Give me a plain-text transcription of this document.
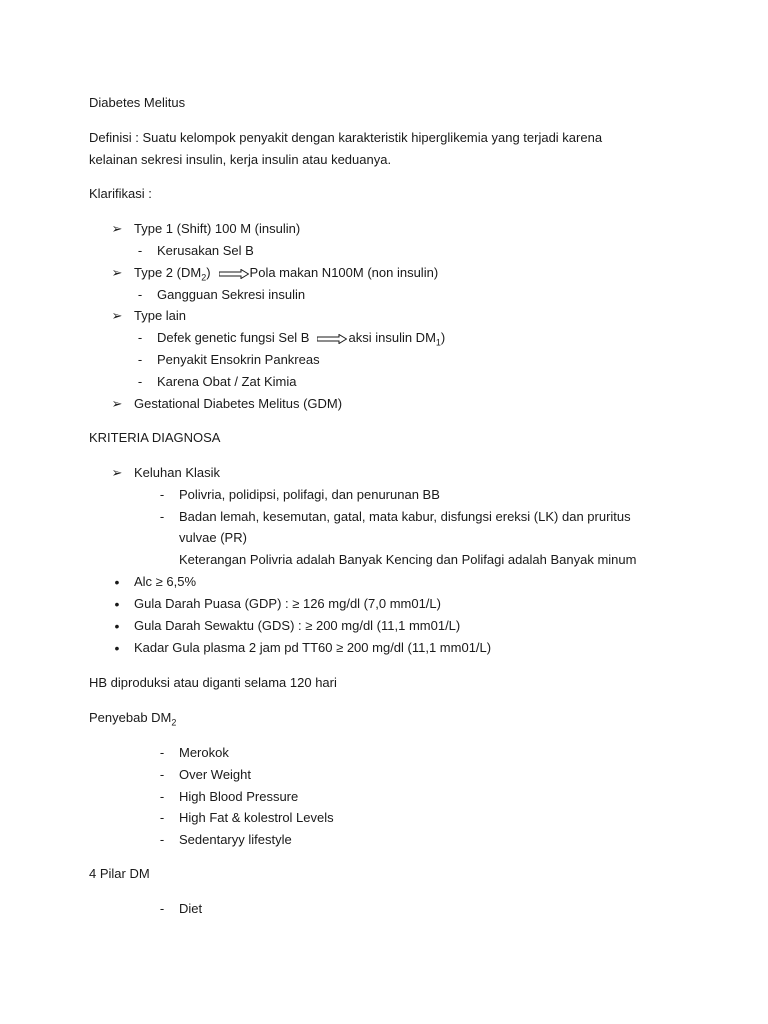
Diabetes Melitus
Definisi : Suatu kelompok penyakit dengan karakteristik hiperglikemia yang terjadi karena
kelainan sekresi insulin, kerja insulin atau keduanya.
Klarifikasi :
➢ Type 1 (Shift) 100 M (insulin)
-	Kerusakan Sel B
➢ Type 2 $(DM_2)$	Pola makan N100M (non insulin)
-	Gangguan Sekresi insulin
➢ Type lain
-	Defek genetic fungsi Sel B	aksi insulin $DM_1$)
-	Penyakit Ensokrin Pankreas
-	Karena Obat / Zat Kimia
➢ Gestational Diabetes Melitus (GDM)
KRITERIA DIAGNOSA
➢ Keluhan Klasik
-	Polivria, polidipsi, polifagi, dan penurunan BB
-	Badan lemah, kesemutan, gatal, mata kabur, disfungsi ereksi (LK) dan pruritus
vulvae (PR)
Keterangan Polivria adalah Banyak Kencing dan Polifagi adalah Banyak minum
•	Alc ≥ 6,5%
•	Gula Darah Puasa (GDP) : ≥ 126 mg/dl (7,0 mm01/L)
•	Gula Darah Sewaktu (GDS) : ≥ 200 mg/dl (11,1 mm01/L)
•	Kadar Gula plasma 2 jam pd TT60 ≥ 200 mg/dl (11,1 mm01/L)
HB diproduksi atau diganti selama 120 hari
Penyebab $DM_2$
-	Merokok
-	Over Weight
-	High Blood Pressure
-	High Fat & kolestrol Levels
-	Sedentaryy lifestyle
4 Pilar DM
-	Diet
